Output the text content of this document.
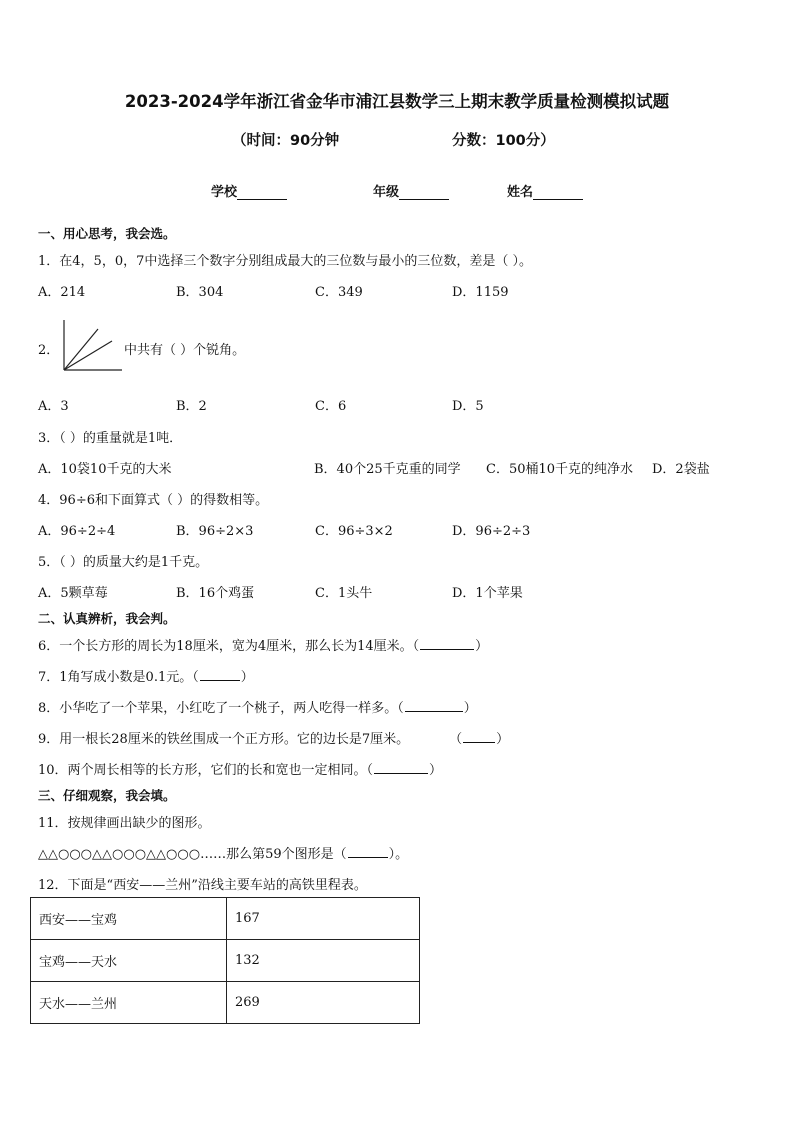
2023-2024学年浙江省金华市浦江县数学三上期末教学质量检测模拟试题
（时间：90分钟	分数：100分）
学校	年级	姓名
一、用心思考，我会选。
1．在4，5，0，7中选择三个数字分别组成最大的三位数与最小的三位数，差是（ ）。
A．214	B．304	C．349	D．1159
2．	中共有（ ）个锐角。
A．3	B．2	C．6	D．5
3．（ ）的重量就是1吨．
A．10袋10千克的大米	B．40个25千克重的同学 C．50桶10千克的纯净水 D．2袋盐
4．96÷6和下面算式（ ）的得数相等。
A．96÷2÷4	B．96÷2×3	C．96÷3×2	D．96÷2÷3
5．（ ）的质量大约是1千克。
A．5颗草莓	B．16个鸡蛋	C．1头牛	D．1个苹果
二、认真辨析，我会判。
6．一个长方形的周长为18厘米，宽为4厘米，那么长为14厘米。（	）
7．1角写成小数是0.1元。（	）
8．小华吃了一个苹果，小红吃了一个桃子，两人吃得一样多。（	）
9．用一根长28厘米的铁丝围成一个正方形。它的边长是7厘米。	（	）
10．两个周长相等的长方形，它们的长和宽也一定相同。（	）
三、仔细观察，我会填。
11．按规律画出缺少的图形。
△△○○○△△○○○△△○○○……那么第59个图形是（	）。
12．下面是“西安——兰州”沿线主要车站的高铁里程表。
西安——宝鸡	167
宝鸡——天水	132
天水——兰州	269
